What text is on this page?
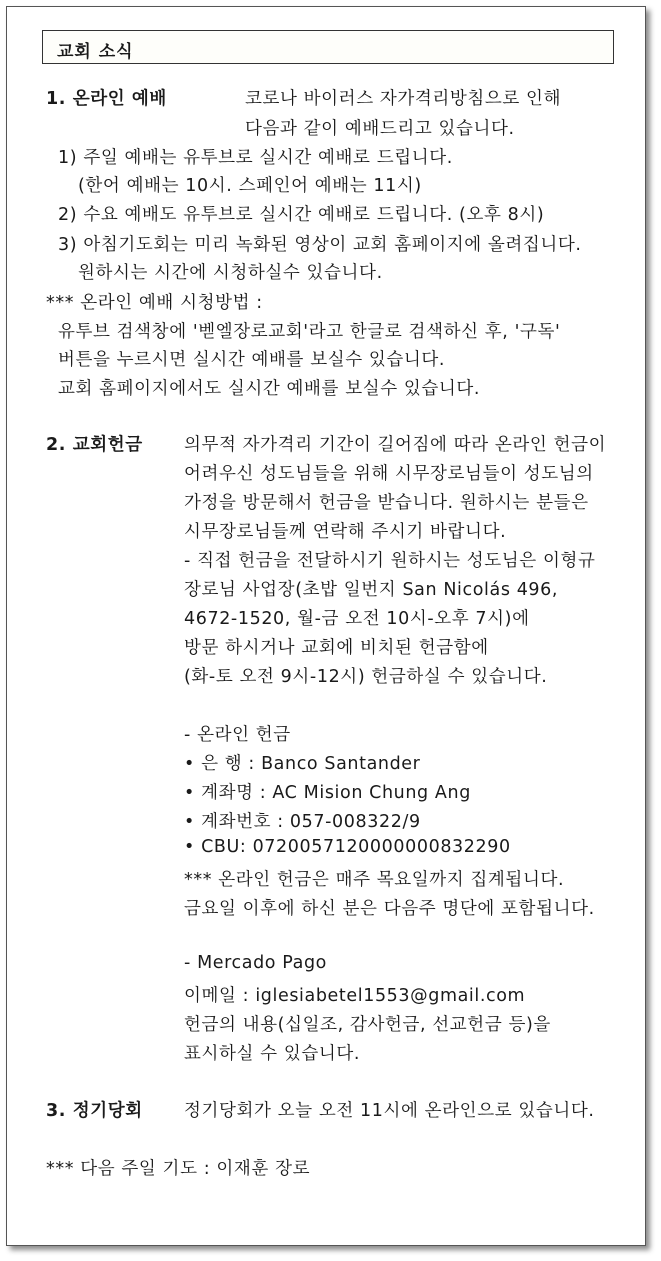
교회 소식
1. 온라인 예배	코로나 바이러스 자가격리방침으로 인해
다음과 같이 예배드리고 있습니다.
1) 주일 예배는 유투브로 실시간 예배로 드립니다.
(한어 예배는 10시. 스페인어 예배는 11시)
2) 수요 예배도 유투브로 실시간 예배로 드립니다. (오후 8시)
3) 아침기도회는 미리 녹화된 영상이 교회 홈페이지에 올려집니다.
원하시는 시간에 시청하실수 있습니다.
*** 온라인 예배 시청방법 :
유투브 검색창에 '벧엘장로교회'라고 한글로 검색하신 후, '구독'
버튼을 누르시면 실시간 예배를 보실수 있습니다.
교회 홈페이지에서도 실시간 예배를 보실수 있습니다.
2. 교회헌금 의무적 자가격리 기간이 길어짐에 따라 온라인 헌금이
어려우신 성도님들을 위해 시무장로님들이 성도님의
가정을 방문해서 헌금을 받습니다. 원하시는 분들은
시무장로님들께 연락해 주시기 바랍니다.
- 직접 헌금을 전달하시기 원하시는 성도님은 이형규
장로님 사업장(초밥 일번지 San Nicolás 496,
4672-1520, 월-금 오전 10시-오후 7시)에
방문 하시거나 교회에 비치된 헌금함에
(화-토 오전 9시-12시) 헌금하실 수 있습니다.
- 온라인 헌금
• 은 행 : Banco Santander
• 계좌명 : AC Mision Chung Ang
• 계좌번호 : 057-008322/9
• CBU: 0720057120000000832290
*** 온라인 헌금은 매주 목요일까지 집계됩니다.
금요일 이후에 하신 분은 다음주 명단에 포함됩니다.
- Mercado Pago
이메일 : iglesiabetel1553@gmail.com
헌금의 내용(십일조, 감사헌금, 선교헌금 등)을
표시하실 수 있습니다.
3. 정기당회 정기당회가 오늘 오전 11시에 온라인으로 있습니다.
*** 다음 주일 기도 : 이재훈 장로
